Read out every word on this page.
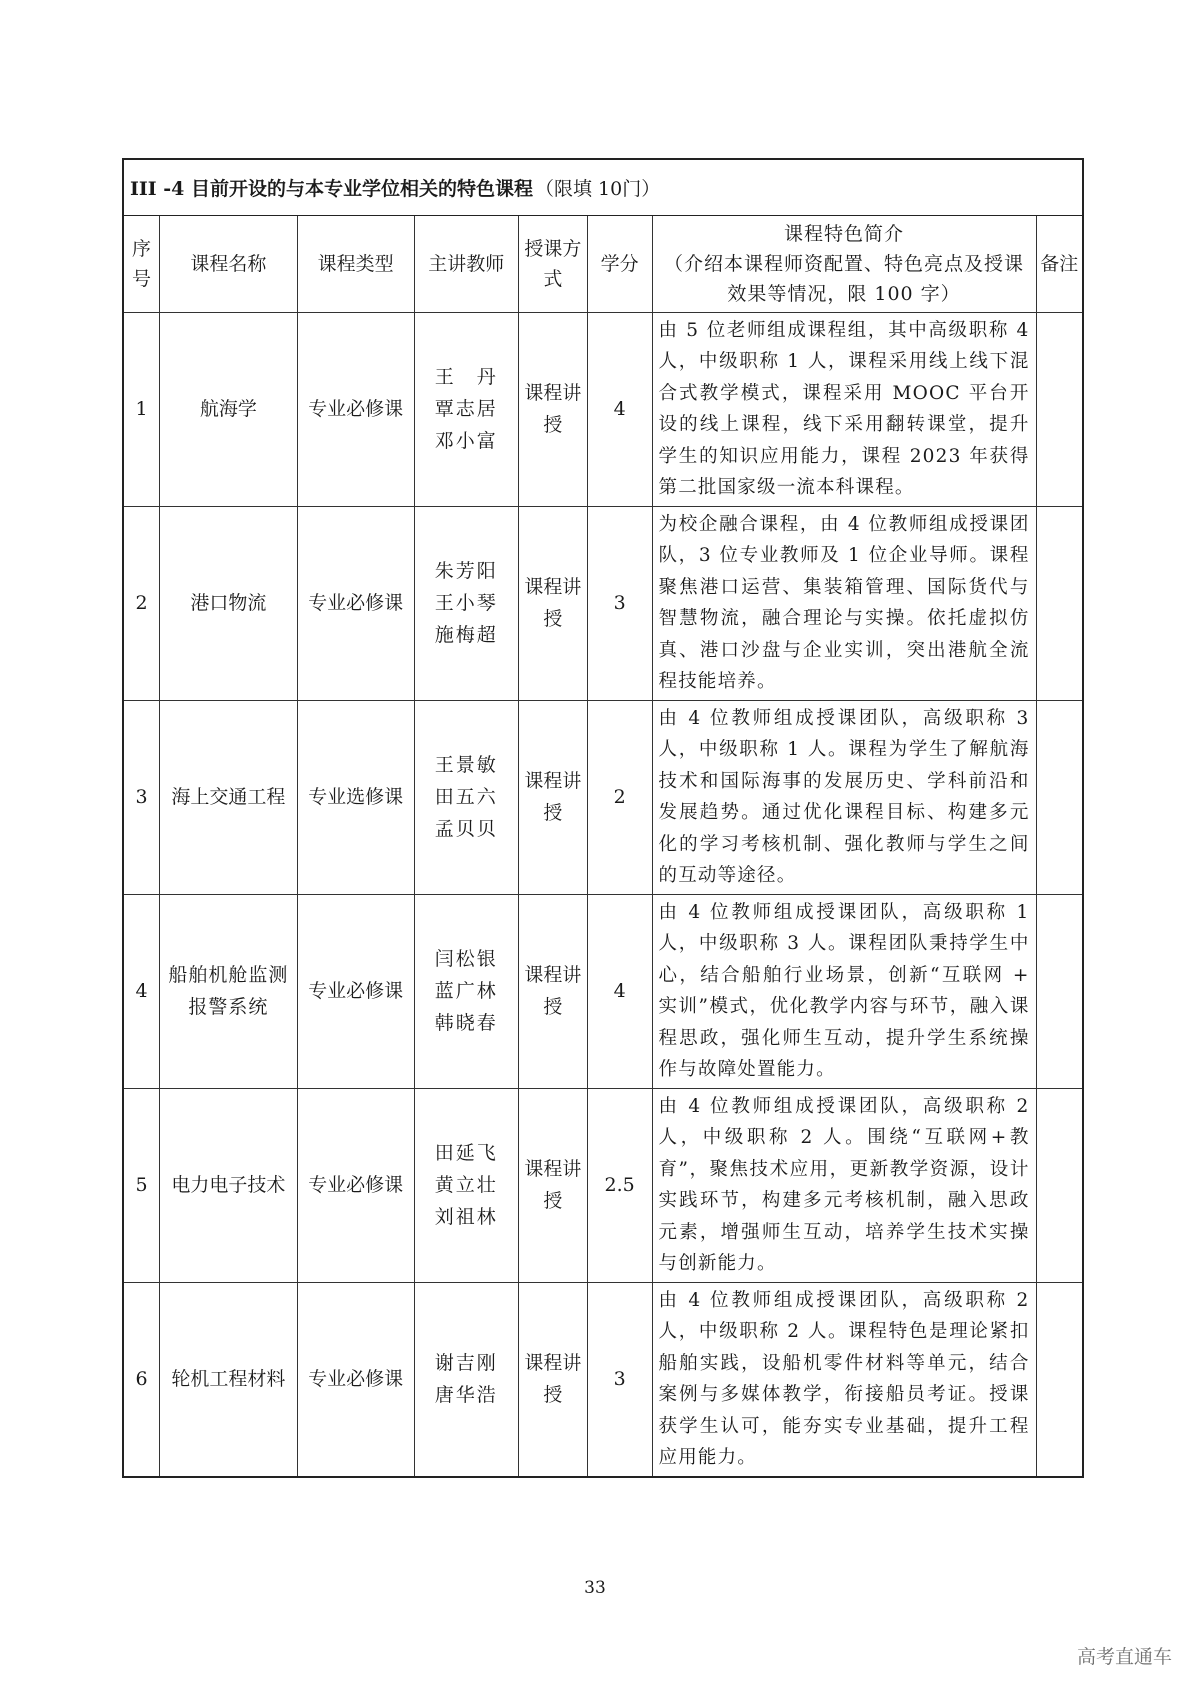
III -4 目前开设的与本专业学位相关的特色课程 （限填 10门）
序号	课程名称	课程类型	主讲教师	授课方式	学分	课程特色简介
（介绍本课程师资配置、特色亮点及授课效果等情况，限 100 字）	备注
1	航海学	专业必修课	王　丹
覃志居
邓小富	课程讲授	4	由 5 位老师组成课程组，其中高级职称 4 人，中级职称 1 人，课程采用线上线下混合式教学模式，课程采用 MOOC 平台开设的线上课程，线下采用翻转课堂，提升学生的知识应用能力，课程 2023 年获得第二批国家级一流本科课程。	
2	港口物流	专业必修课	朱芳阳
王小琴
施梅超	课程讲授	3	为校企融合课程，由 4 位教师组成授课团队，3 位专业教师及 1 位企业导师。课程聚焦港口运营、集装箱管理、国际货代与智慧物流，融合理论与实操。依托虚拟仿真、港口沙盘与企业实训，突出港航全流程技能培养。	
3	海上交通工程	专业选修课	王景敏
田五六
孟贝贝	课程讲授	2	由 4 位教师组成授课团队，高级职称 3 人，中级职称 1 人。课程为学生了解航海技术和国际海事的发展历史、学科前沿和发展趋势。通过优化课程目标、构建多元化的学习考核机制、强化教师与学生之间的互动等途径。	
4	船舶机舱监测报警系统	专业必修课	闫松银
蓝广林
韩晓春	课程讲授	4	由 4 位教师组成授课团队，高级职称 1 人，中级职称 3 人。课程团队秉持学生中心，结合船舶行业场景，创新“互联网 + 实训”模式，优化教学内容与环节，融入课程思政，强化师生互动，提升学生系统操作与故障处置能力。	
5	电力电子技术	专业必修课	田延飞
黄立壮
刘祖林	课程讲授	2.5	由 4 位教师组成授课团队，高级职称 2 人，中级职称 2 人。围绕“互联网+教育”，聚焦技术应用，更新教学资源，设计实践环节，构建多元考核机制，融入思政元素，增强师生互动，培养学生技术实操与创新能力。	
6	轮机工程材料	专业必修课	谢吉刚
唐华浩	课程讲授	3	由 4 位教师组成授课团队，高级职称 2 人，中级职称 2 人。课程特色是理论紧扣船舶实践，设船机零件材料等单元，结合案例与多媒体教学，衔接船员考证。授课获学生认可，能夯实专业基础，提升工程应用能力。	
33
高考直通车
